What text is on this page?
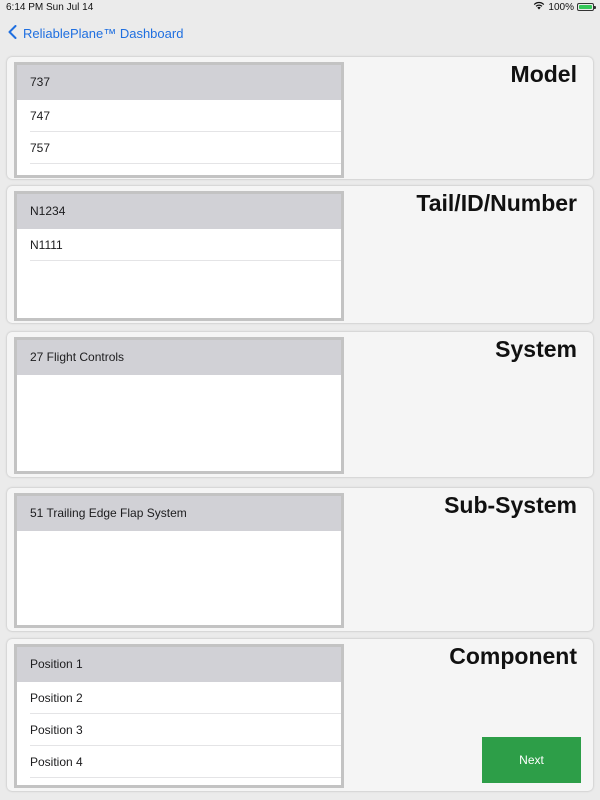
6:14 PM Sun Jul 14	100%
ReliablePlane™ Dashboard
Model
737
747
757
Tail/ID/Number
N1234
N1111
System
27 Flight Controls
Sub-System
51 Trailing Edge Flap System
Component
Position 1
Position 2
Position 3
Position 4	Next
